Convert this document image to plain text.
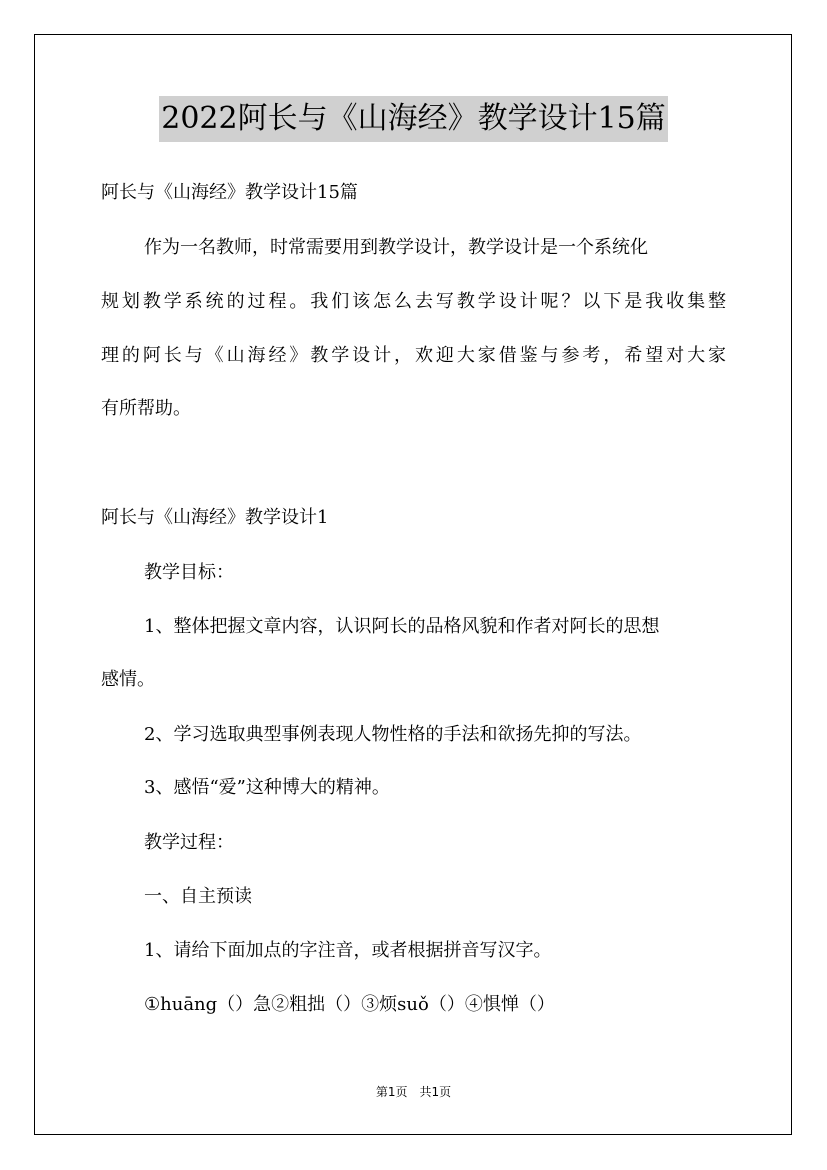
2022阿长与《山海经》教学设计15篇
阿长与《山海经》教学设计15篇
作为一名教师，时常需要用到教学设计，教学设计是一个系统化
规划教学系统的过程。我们该怎么去写教学设计呢？以下是我收集整
理的阿长与《山海经》教学设计，欢迎大家借鉴与参考，希望对大家
有所帮助。
阿长与《山海经》教学设计1
教学目标：
1、整体把握文章内容，认识阿长的品格风貌和作者对阿长的思想
感情。
2、学习选取典型事例表现人物性格的手法和欲扬先抑的写法。
3、感悟“爱”这种博大的精神。
教学过程：
一、自主预读
1、请给下面加点的字注音，或者根据拼音写汉字。
①huāng（）急②粗拙（）③烦suǒ（）④惧惮（）
第1页　共1页
